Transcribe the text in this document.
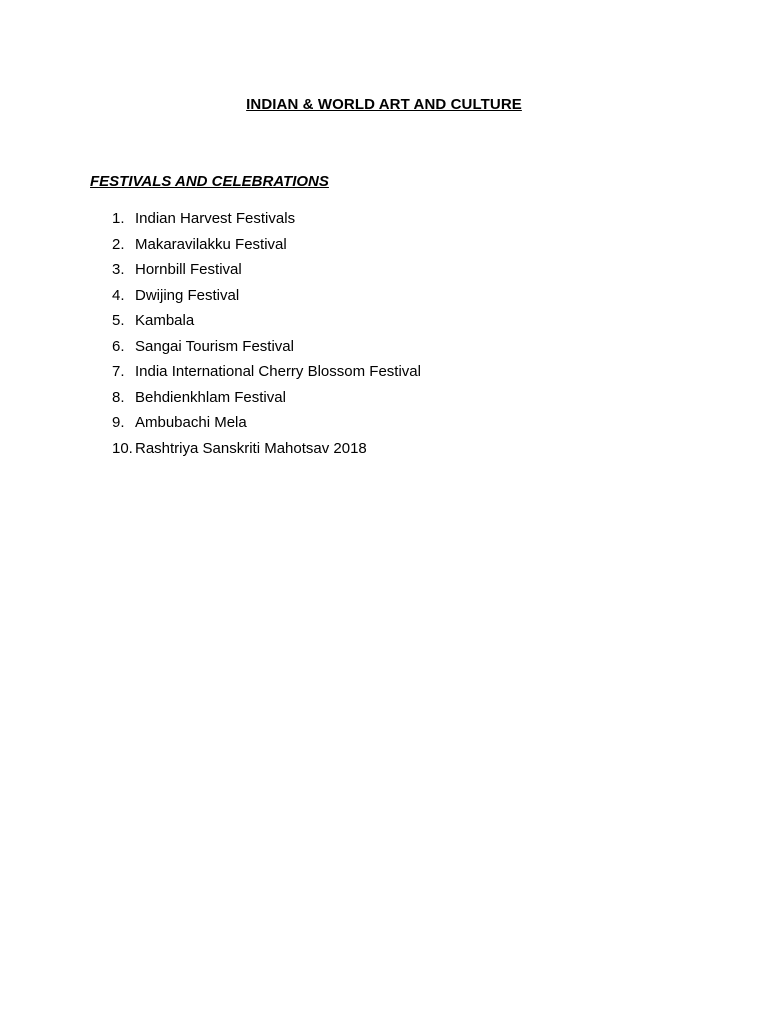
INDIAN & WORLD ART AND CULTURE
FESTIVALS AND CELEBRATIONS
1. Indian Harvest Festivals
2. Makaravilakku Festival
3. Hornbill Festival
4. Dwijing Festival
5. Kambala
6. Sangai Tourism Festival
7. India International Cherry Blossom Festival
8. Behdienkhlam Festival
9. Ambubachi Mela
10. Rashtriya Sanskriti Mahotsav 2018
